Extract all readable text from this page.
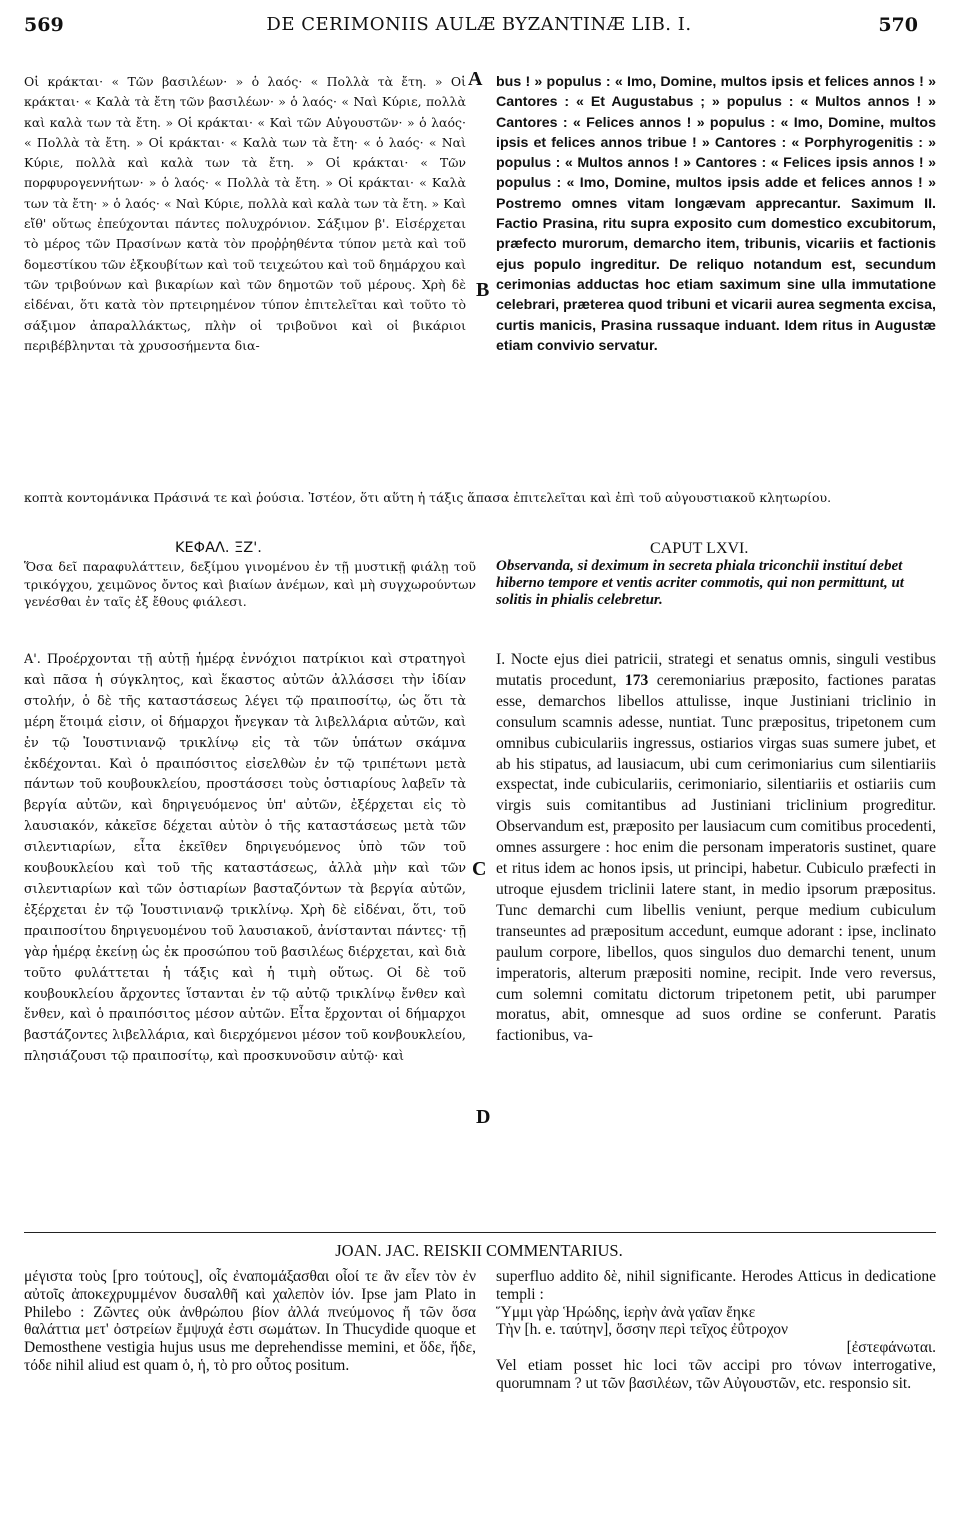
569	DE CERIMONIIS AULÆ BYZANTINÆ LIB. I.	570
Οἱ κράκται· « Τῶν βασιλέων· » ὁ λαός· « Πολλὰ τὰ ἔτη. » Οἱ κράκται· « Καλὰ τὰ ἔτη τῶν βασιλέων· » ὁ λαός· « Ναὶ Κύριε, πολλὰ καὶ καλὰ των τὰ ἔτη. » Οἱ κράκται· « Καὶ τῶν Αὐγουστῶν· » ὁ λαός· « Πολλὰ τὰ ἔτη. » Οἱ κράκται· « Καλὰ των τὰ ἔτη· « ὁ λαός· « Ναὶ Κύριε, πολλὰ καὶ καλὰ των τὰ ἔτη. » Οἱ κράκται· « Τῶν πορφυρογεννήτων· » ὁ λαός· « Πολλὰ τὰ ἔτη. » Οἱ κράκται· « Καλὰ των τὰ ἔτη· » ὁ λαός· « Ναὶ Κύριε, πολλὰ καὶ καλὰ των τὰ ἔτη. » Καὶ εἴθ' οὕτως ἐπεύχονται πάντες πολυχρόνιον. Σάξιμον β'. Εἰσέρχεται τὸ μέρος τῶν Πρασίνων κατὰ τὸν προῤῥηθέντα τύπον μετὰ καὶ τοῦ δομεστίκου τῶν ἐξκουβίτων καὶ τοῦ τειχεώτου καὶ τοῦ δημάρχου καὶ τῶν τριβούνων καὶ βικαρίων καὶ τῶν δημοτῶν τοῦ μέρους. Χρὴ δὲ εἰδέναι, ὅτι κατὰ τὸν πρτειρημένον τύπον ἐπιτελεῖται καὶ τοῦτο τὸ σάξιμον ἀπαραλλάκτως, πλὴν οἱ τριβοῦνοι καὶ οἱ βικάριοι περιβέβληνται τὰ χρυσοσήμεντα δια-
A bus ! » populus : « Imo, Domine, multos ipsis et felices annos ! » Cantores : « Et Augustabus ; » populus : « Multos annos ! » Cantores : « Felices annos ! » populus : « Imo, Domine, multos ipsis et felices annos tribue ! » Cantores : « Porphyrogenitis : » populus : « Multos annos ! » Cantores : « Felices ipsis annos ! » populus : « Imo, Domine, multos ipsis adde et felices annos ! » Postremo omnes vitam longævam apprecantur. Saximum II. Factio Prasina, ritu supra exposito cum domestico excubitorum, præfecto murorum, demarcho item, tribunis, vicariis et factionis ejus populo ingreditur. De reliquo notandum est, secundum cerimonias adductas hoc etiam saximum sine ulla immutatione celebrari, præterea quod tribuni et vicarii aurea segmenta excisa, curtis manicis, Prasina russaque induant. Idem ritus in Augustæ etiam convivio servatur.
B
κοπτὰ κοντομάνικα Πράσινά τε καὶ ῥούσια. Ἰστέον, ὅτι αὕτη ἡ τάξις ἅπασα ἐπιτελεῖται καὶ ἐπὶ τοῦ αὐγουστιακοῦ κλητωρίου.
ΚΕΦΑΛ. ΞΖ'.	CAPUT LXVI.
Ὅσα δεῖ παραφυλάττειν, δεξίμου γινομένου ἐν τῇ μυστικῇ φιάλῃ τοῦ τρικόγχου, χειμῶνος ὄντος καὶ βιαίων ἀνέμων, καὶ μὴ συγχωρούντων γενέσθαι ἐν ταῖς ἐξ ἔθους φιάλεσι.
Observanda, si deximum in secreta phiala triconchii instituí debet hiberno tempore et ventis acriter commotis, qui non permittunt, ut solitis in phialis celebretur.
Α'. Προέρχονται τῇ αὐτῇ ἡμέρᾳ ἐννόχιοι πατρίκιοι καὶ στρατηγοὶ καὶ πᾶσα ἡ σύγκλητος, καὶ ἕκαστος αὐτῶν ἀλλάσσει τὴν ἰδίαν στολήν, ὁ δὲ τῆς καταστάσεως λέγει τῷ πραιποσίτῳ, ὡς ὅτι τὰ μέρη ἕτοιμά εἰσιν, οἱ δήμαρχοι ἤνεγκαν τὰ λιβελλάρια αὐτῶν, καὶ ἐν τῷ Ἰουστινιανῷ τρικλίνῳ εἰς τὰ τῶν ὑπάτων σκάμνα ἐκδέχονται. Καὶ ὁ πραιπόσιτος εἰσελθὼν ἐν τῷ τριπέτωνι μετὰ πάντων τοῦ κουβουκλείου, προστάσσει τοὺς ὀστιαρίους λαβεῖν τὰ βεργία αὐτῶν, καὶ δηριγευόμενος ὑπ' αὐτῶν, ἐξέρχεται εἰς τὸ λαυσιακόν, κἀκεῖσε δέχεται αὐτὸν ὁ τῆς καταστάσεως μετὰ τῶν σιλεντιαρίων, εἶτα ἐκεῖθεν δηριγευόμενος ὑπὸ τῶν τοῦ κουβουκλείου καὶ τοῦ τῆς καταστάσεως, ἀλλὰ μὴν καὶ τῶν σιλεντιαρίων καὶ τῶν ὀστιαρίων βασταζόντων τὰ βεργία αὐτῶν, ἐξέρχεται ἐν τῷ Ἰουστινιανῷ τρικλίνῳ. Χρὴ δὲ εἰδέναι, ὅτι, τοῦ πραιποσίτου δηριγευομένου τοῦ λαυσιακοῦ, ἀνίστανται πάντες· τῇ γὰρ ἡμέρᾳ ἐκείνῃ ὡς ἐκ προσώπου τοῦ βασιλέως διέρχεται, καὶ διὰ τοῦτο φυλάττεται ἡ τάξις καὶ ἡ τιμὴ οὕτως. Οἱ δὲ τοῦ κουβουκλείου ἄρχοντες ἵστανται ἐν τῷ αὐτῷ τρικλίνῳ ἔνθεν καὶ ἔνθεν, καὶ ὁ πραιπόσιτος μέσον αὐτῶν. Εἶτα ἔρχονται οἱ δήμαρχοι βαστάζοντες λιβελλάρια, καὶ διερχόμενοι μέσον τοῦ κονβουκλείου, πλησιάζουσι τῷ πραιποσίτῳ, καὶ προσκυνοῦσιν αὐτῷ· καὶ
C
D
I. Nocte ejus diei patricii, strategi et senatus omnis, singuli vestibus mutatis procedunt, 173 ceremoniarius præposito, factiones paratas esse, demarchos libellos attulisse, inque Justiniani triclinio in consulum scamnis adesse, nuntiat. Tunc præpositus, tripetonem cum omnibus cubiculariis ingressus, ostiarios virgas suas sumere jubet, et ab his stipatus, ad lausiacum, ubi cum cerimoniarius cum silentiariis exspectat, inde cubiculariis, cerimoniario, silentiariis et ostiariis cum virgis suis comitantibus ad Justiniani triclinium progreditur. Observandum est, præposito per lausiacum cum comitibus procedenti, omnes assurgere : hoc enim die personam imperatoris sustinet, quare et ritus idem ac honos ipsis, ut principi, habetur. Cubiculo præfecti in utroque ejusdem triclinii latere stant, in medio ipsorum præpositus. Tunc demarchi cum libellis veniunt, perque medium cubiculum transeuntes ad præpositum accedunt, eumque adorant : ipse, inclinato paulum corpore, libellos, quos singulos duo demarchi tenent, unum imperatoris, alterum præpositi nomine, recipit. Inde vero reversus, cum solemni comitatu dictorum tripetonem petit, ubi parumper moratus, abit, omnesque ad suos ordine se conferunt. Paratis factionibus, va-
JOAN. JAC. REISKII COMMENTARIUS.
μέγιστα τοὺς [pro τούτους], οἷς ἐναπομάξασθαι οἷοί τε ἂν εἶεν τὸν ἐν αὐτοῖς ἀποκεχρυμμένον δυσαλθῆ καὶ χαλεπὸν ἰόν. Ipse jam Plato in Philebo : Ζῶντες οὐκ ἀνθρώπου βίον ἀλλά πνεύμονος ἤ τῶν ὅσα θαλάττια μετ' ὀστρείων ἔμψυχά ἐστι σωμάτων. In Thucydide quoque et Demosthene vestigia hujus usus me deprehendisse memini, et ὅδε, ἥδε, τόδε nihil aliud est quam ὁ, ἡ, τὸ pro οὗτος positum.

superfluo addito δὲ, nihil significante. Herodes Atticus in dedicatione templi :

Ὕμμι γὰρ Ἡρώδης, ἱερὴν ἀνὰ γαῖαν ἔηκε

Τὴν [h. e. ταύτην], ὅσσην περὶ τεῖχος ἐΰτροχον

[ἐστεφάνωται.

Vel etiam posset hic loci τῶν accipi pro τόνων interrogative, quorumnam ? ut τῶν βασιλέων, τῶν Αὐγουστῶν, etc. responsio sit.
